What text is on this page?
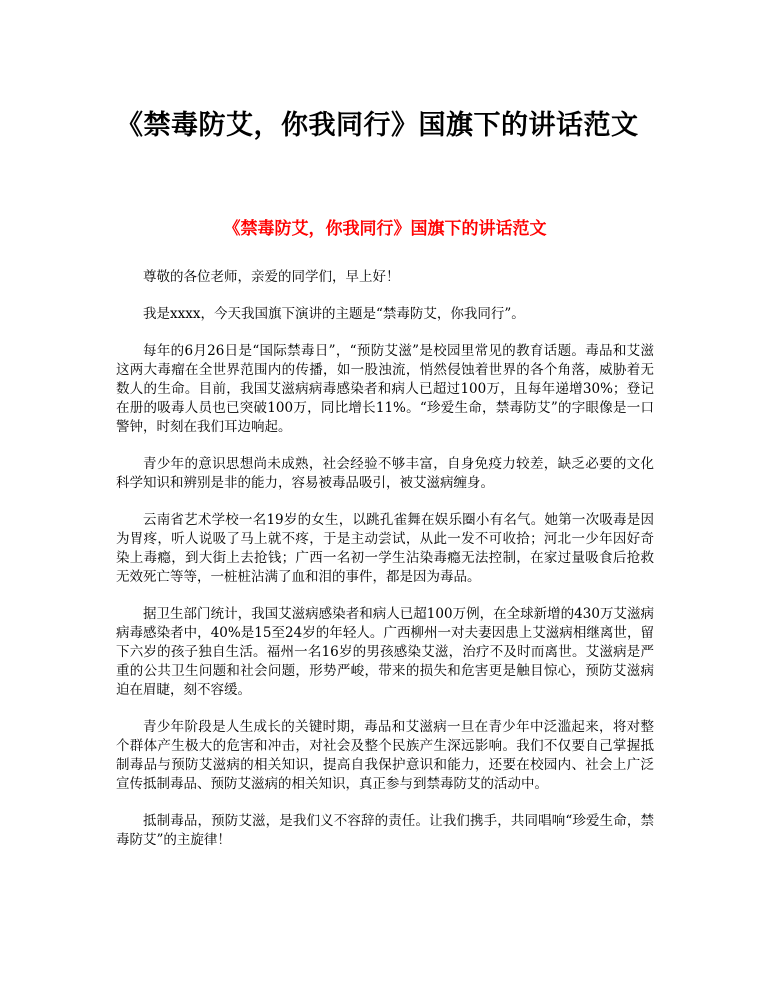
《禁毒防艾，你我同行》国旗下的讲话范文
《禁毒防艾，你我同行》国旗下的讲话范文

尊敬的各位老师，亲爱的同学们，早上好！

我是xxxx，今天我国旗下演讲的主题是“禁毒防艾，你我同行”。

每年的6月26日是“国际禁毒日”，“预防艾滋”是校园里常见的教育话题。毒品和艾滋这两大毒瘤在全世界范围内的传播，如一股浊流，悄然侵蚀着世界的各个角落，威胁着无数人的生命。目前，我国艾滋病病毒感染者和病人已超过100万，且每年递增30%；登记在册的吸毒人员也已突破100万，同比增长11%。“珍爱生命，禁毒防艾”的字眼像是一口警钟，时刻在我们耳边响起。

青少年的意识思想尚未成熟，社会经验不够丰富，自身免疫力较差，缺乏必要的文化科学知识和辨别是非的能力，容易被毒品吸引，被艾滋病缠身。

云南省艺术学校一名19岁的女生，以跳孔雀舞在娱乐圈小有名气。她第一次吸毒是因为胃疼，听人说吸了马上就不疼，于是主动尝试，从此一发不可收拾；河北一少年因好奇染上毒瘾，到大街上去抢钱；广西一名初一学生沾染毒瘾无法控制，在家过量吸食后抢救无效死亡等等，一桩桩沾满了血和泪的事件，都是因为毒品。

据卫生部门统计，我国艾滋病感染者和病人已超100万例，在全球新增的430万艾滋病病毒感染者中，40%是15至24岁的年轻人。广西柳州一对夫妻因患上艾滋病相继离世，留下六岁的孩子独自生活。福州一名16岁的男孩感染艾滋，治疗不及时而离世。艾滋病是严重的公共卫生问题和社会问题，形势严峻，带来的损失和危害更是触目惊心，预防艾滋病迫在眉睫，刻不容缓。

青少年阶段是人生成长的关键时期，毒品和艾滋病一旦在青少年中泛滥起来，将对整个群体产生极大的危害和冲击，对社会及整个民族产生深远影响。我们不仅要自己掌握抵制毒品与预防艾滋病的相关知识，提高自我保护意识和能力，还要在校园内、社会上广泛宣传抵制毒品、预防艾滋病的相关知识，真正参与到禁毒防艾的活动中。

抵制毒品，预防艾滋，是我们义不容辞的责任。让我们携手，共同唱响“珍爱生命，禁毒防艾”的主旋律！
